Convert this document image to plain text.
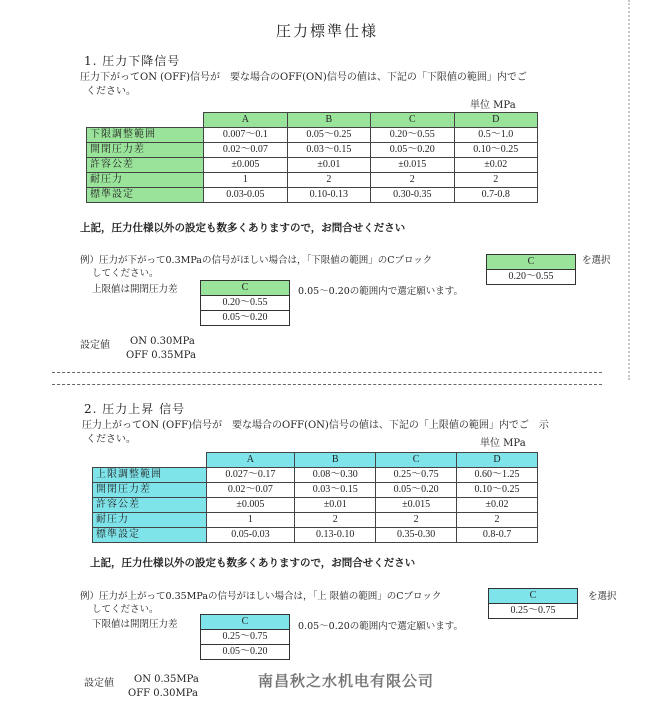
圧力標準仕様
1. 圧力下降信号
圧力下がってON (OFF)信号が　要な場合のOFF(ON)信号の値は、下記の「下限値の範囲」内でご
ください。
単位 MPa
	A	B	C	D
下限調整範囲	0.007～0.1	0.05～0.25	0.20～0.55	0.5～1.0
開閉圧力差	0.02～0.07	0.03～0.15	0.05～0.20	0.10～0.25
許容公差	±0.005	±0.01	±0.015	±0.02
耐圧力	1	2	2	2
標準設定	0.03-0.05	0.10-0.13	0.30-0.35	0.7-0.8
上記，圧力仕様以外の設定も数多くありますので，お問合せください
例）圧力が下がって0.3MPaの信号がほしい場合は，「下限値の範囲」のCブロック
してください。
上限値は開閉圧力差
C
0.20～0.55
を選択
C
0.20～0.55
0.05～0.20
0.05～0.20の範囲内で選定願います。
設定値 ON 0.30MPa
OFF 0.35MPa
2. 圧力上昇 信号
圧力上がってON (OFF)信号が　要な場合のOFF(ON)信号の値は、下記の「上限値の範囲」内でご　示
ください。	単位 MPa
	A	B	C	D
上限調整範囲	0.027～0.17	0.08～0.30	0.25～0.75	0.60～1.25
開閉圧力差	0.02～0.07	0.03～0.15	0.05～0.20	0.10～0.25
許容公差	±0.005	±0.01	±0.015	±0.02
耐圧力	1	2	2	2
標準設定	0.05-0.03	0.13-0.10	0.35-0.30	0.8-0.7
上記，圧力仕様以外の設定も数多くありますので，お問合せください
例）圧力が上がって0.35MPaの信号がほしい場合は，「上 限値の範囲」のCブロック
してください。
下限値は開閉圧力差
C
0.25～0.75
を選択
C
0.25～0.75
0.05～0.20
0.05～0.20の範囲内で選定願います。
設定値 ON 0.35MPa
OFF 0.30MPa
南昌秋之水机电有限公司
